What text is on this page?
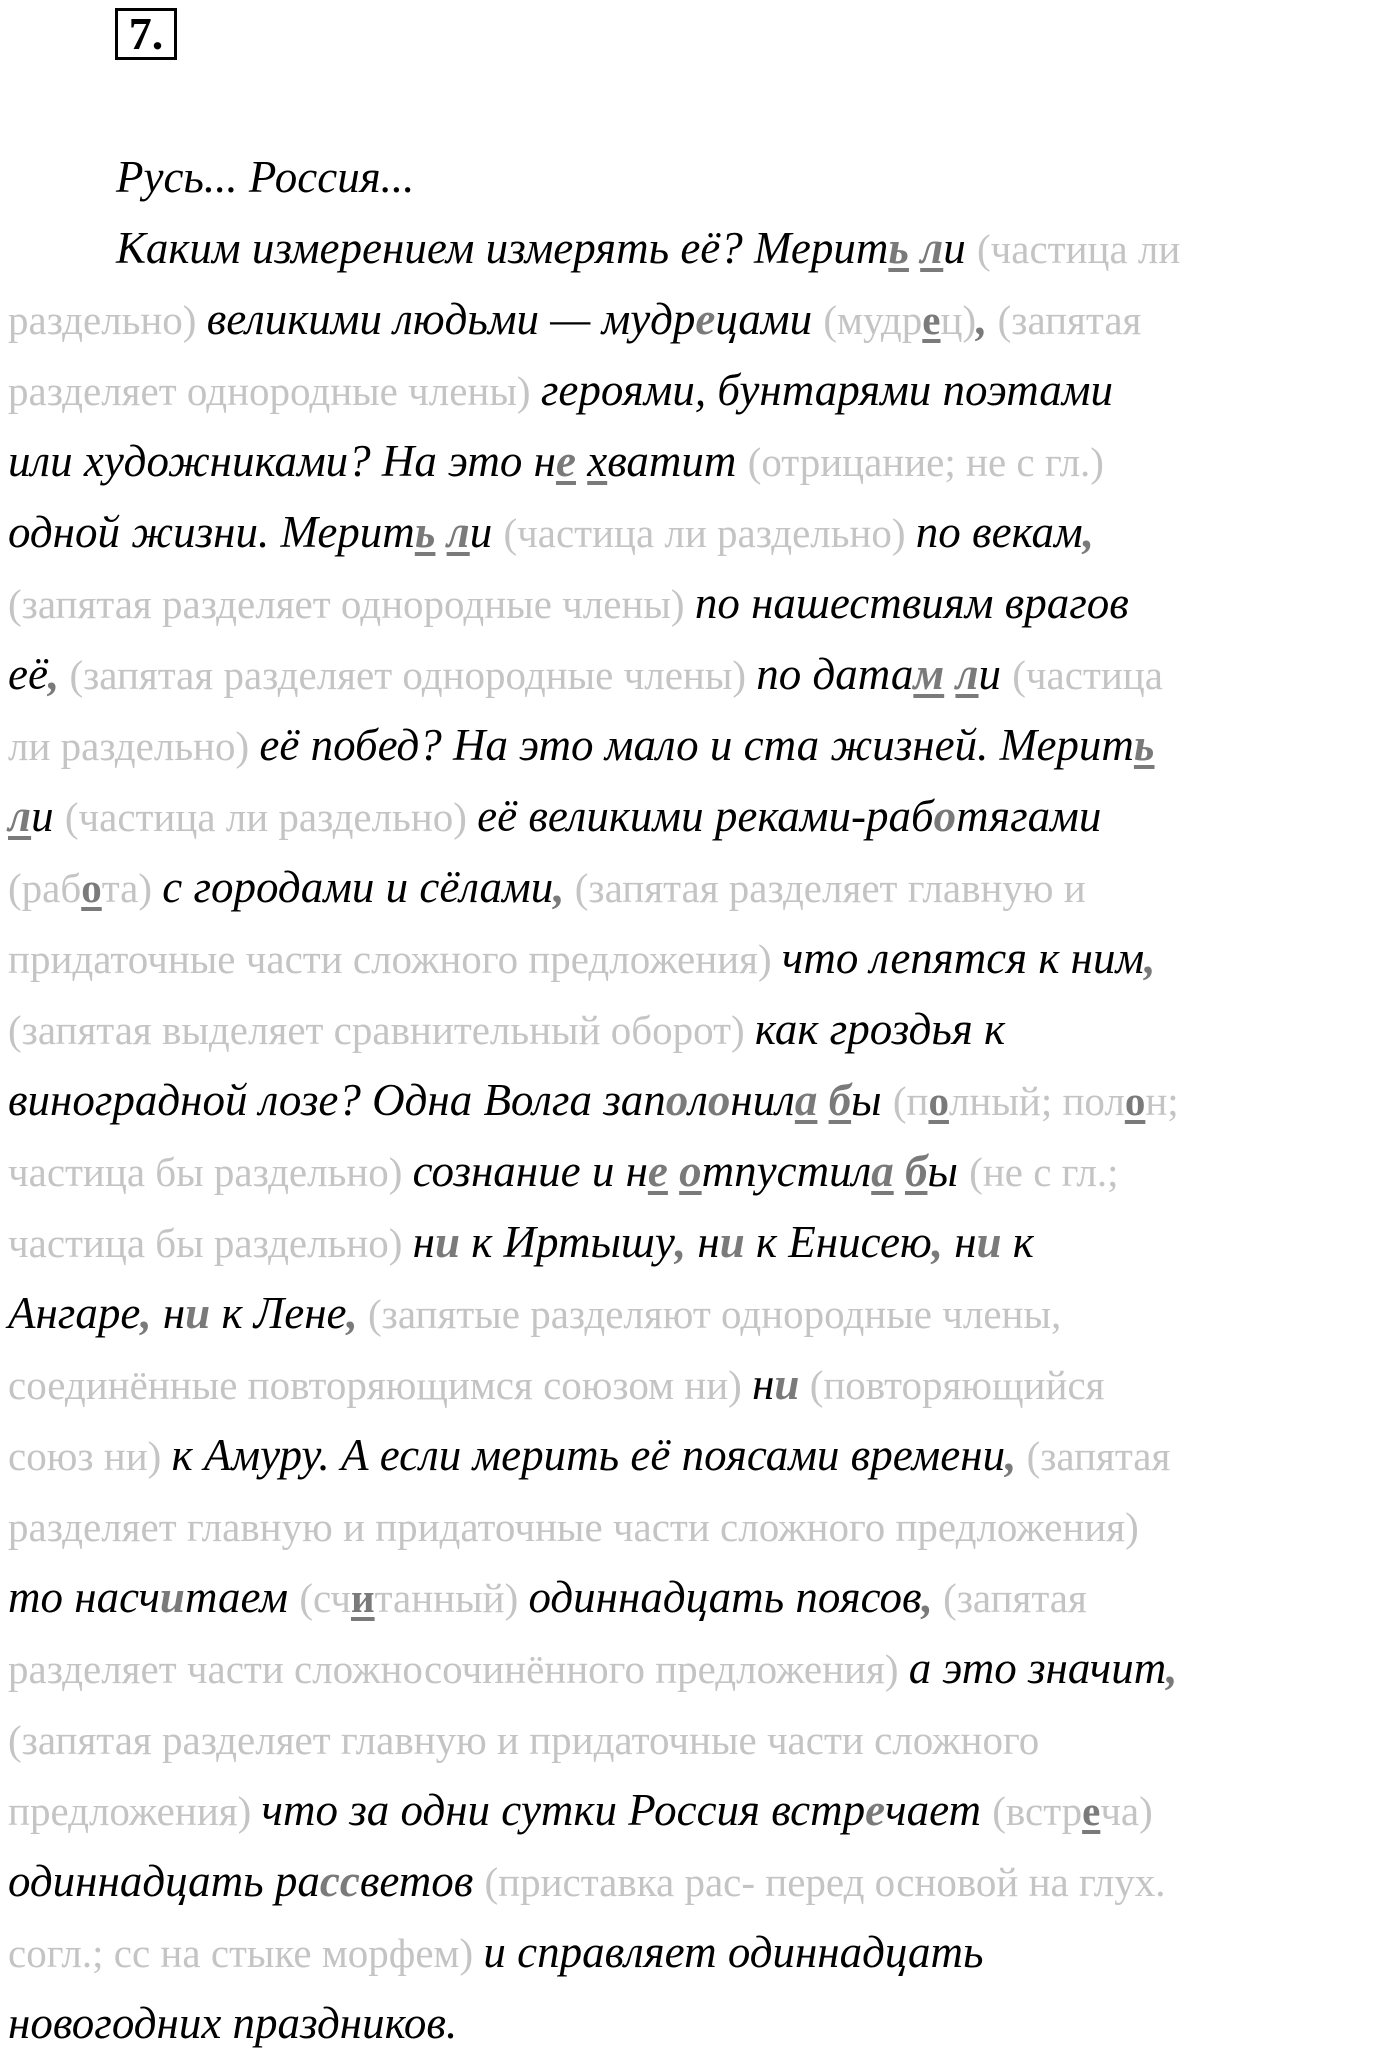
7.
Русь... Россия...
Каким измерением измерять её? Мерить ли (частица ли
раздельно) великими людьми — мудрецами (мудрец), (запятая
разделяет однородные члены) героями, бунтарями поэтами
или художниками? На это не хватит (отрицание; не с гл.)
одной жизни. Мерить ли (частица ли раздельно) по векам,
(запятая разделяет однородные члены) по нашествиям врагов
её, (запятая разделяет однородные члены) по датам ли (частица
ли раздельно) её побед? На это мало и ста жизней. Мерить
ли (частица ли раздельно) её великими реками-работягами
(работа) с городами и сёлами, (запятая разделяет главную и
придаточные части сложного предложения) что лепятся к ним,
(запятая выделяет сравнительный оборот) как гроздья к
виноградной лозе? Одна Волга заполонила бы (полный; полон;
частица бы раздельно) сознание и не отпустила бы (не с гл.;
частица бы раздельно) ни к Иртышу, ни к Енисею, ни к
Ангаре, ни к Лене, (запятые разделяют однородные члены,
соединённые повторяющимся союзом ни) ни (повторяющийся
союз ни) к Амуру. А если мерить её поясами времени, (запятая
разделяет главную и придаточные части сложного предложения)
то насчитаем (считанный) одиннадцать поясов, (запятая
разделяет части сложносочинённого предложения) а это значит,
(запятая разделяет главную и придаточные части сложного
предложения) что за одни сутки Россия встречает (встреча)
одиннадцать рассветов (приставка рас- перед основой на глух.
согл.; сс на стыке морфем) и справляет одиннадцать
новогодних праздников.
